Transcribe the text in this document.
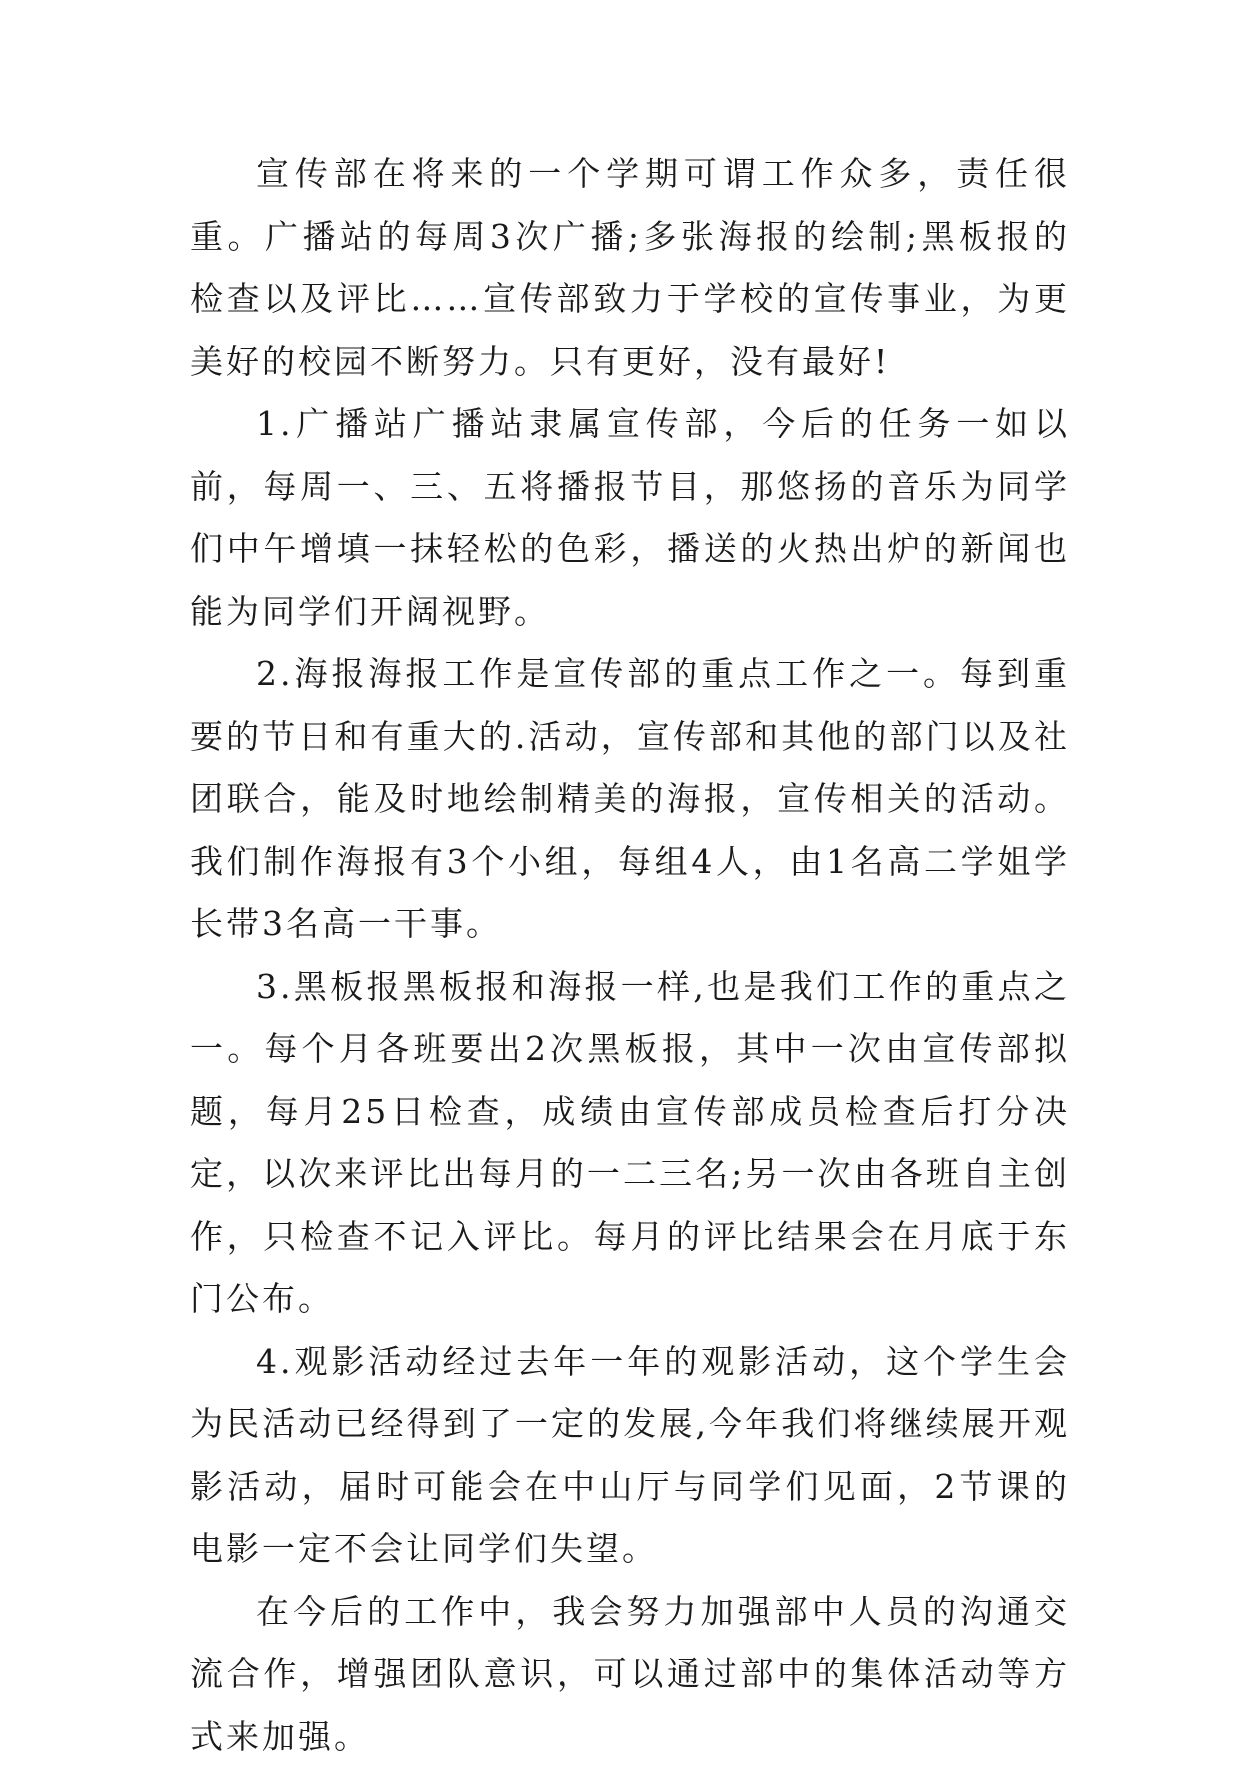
宣传部在将来的一个学期可谓工作众多，责任很重。广播站的每周3次广播;多张海报的绘制;黑板报的检查以及评比……宣传部致力于学校的宣传事业，为更美好的校园不断努力。只有更好，没有最好!

1.广播站广播站隶属宣传部，今后的任务一如以前，每周一、三、五将播报节目，那悠扬的音乐为同学们中午增填一抹轻松的色彩，播送的火热出炉的新闻也能为同学们开阔视野。

2.海报海报工作是宣传部的重点工作之一。每到重要的节日和有重大的.活动，宣传部和其他的部门以及社团联合，能及时地绘制精美的海报，宣传相关的活动。我们制作海报有3个小组，每组4人，由1名高二学姐学长带3名高一干事。

3.黑板报黑板报和海报一样,也是我们工作的重点之一。每个月各班要出2次黑板报，其中一次由宣传部拟题，每月25日检查，成绩由宣传部成员检查后打分决定，以次来评比出每月的一二三名;另一次由各班自主创作，只检查不记入评比。每月的评比结果会在月底于东门公布。

4.观影活动经过去年一年的观影活动，这个学生会为民活动已经得到了一定的发展,今年我们将继续展开观影活动，届时可能会在中山厅与同学们见面，2节课的电影一定不会让同学们失望。

在今后的工作中，我会努力加强部中人员的沟通交流合作，增强团队意识，可以通过部中的集体活动等方式来加强。
